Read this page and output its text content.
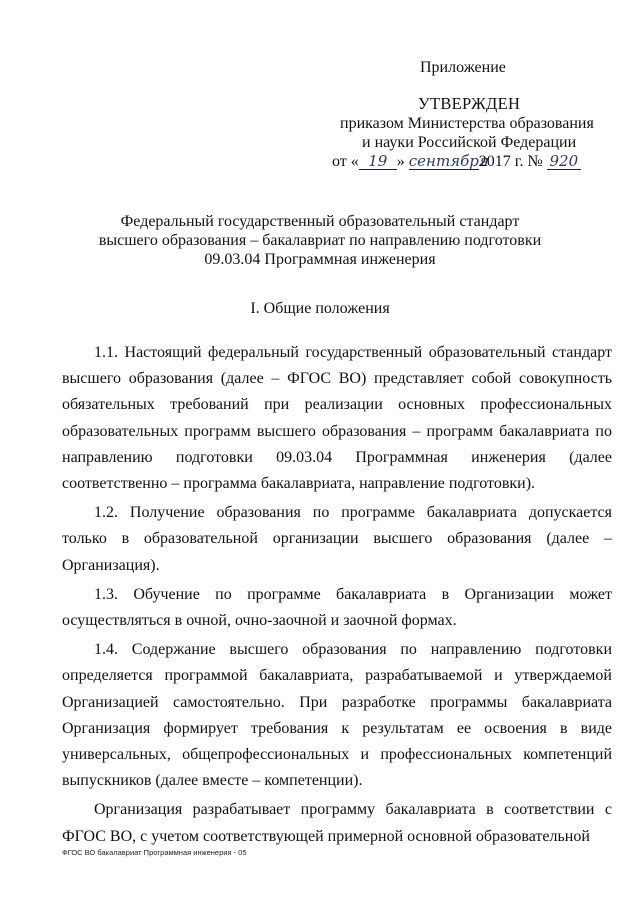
Приложение
УТВЕРЖДЕН
приказом Министерства образования
и науки Российской Федерации
от « 19 » сентября2017 г. № 920
Федеральный государственный образовательный стандарт
высшего образования – бакалавриат по направлению подготовки
09.03.04 Программная инженерия
I. Общие положения

1.1. Настоящий федеральный государственный образовательный стандарт высшего образования (далее – ФГОС ВО) представляет собой совокупность обязательных требований при реализации основных профессиональных образовательных программ высшего образования – программ бакалавриата по направлению подготовки 09.03.04 Программная инженерия (далее соответственно – программа бакалавриата, направление подготовки).

1.2. Получение образования по программе бакалавриата допускается только в образовательной организации высшего образования (далее – Организация).

1.3. Обучение по программе бакалавриата в Организации может осуществляться в очной, очно-заочной и заочной формах.

1.4. Содержание высшего образования по направлению подготовки определяется программой бакалавриата, разрабатываемой и утверждаемой Организацией самостоятельно. При разработке программы бакалавриата Организация формирует требования к результатам ее освоения в виде универсальных, общепрофессиональных и профессиональных компетенций выпускников (далее вместе – компетенции).

Организация разрабатывает программу бакалавриата в соответствии с ФГОС ВО, с учетом соответствующей примерной основной образовательной

ФГОС ВО бакалавриат Программная инженерия - 05
